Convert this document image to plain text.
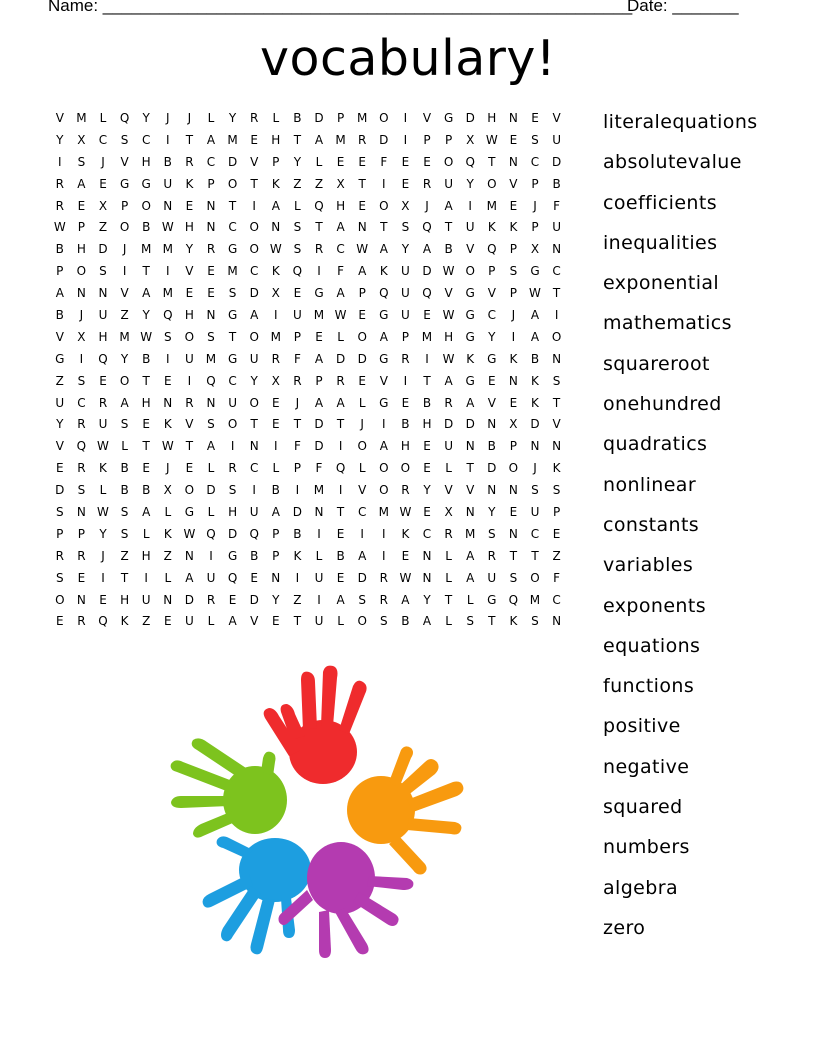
Name: ________________________________________________________
Date: _______
vocabulary!
V	M	L	Q	Y	J	J	L	Y	R	L	B	D	P	M O	I	V	G	D	H	N	E	V
Y	X	C	S	C	I	T	A	M	E	H	T	A	M	R	D	I	P	P	X W E	S	U
I	S	J	V	H	B	R	C	D	V	P	Y	L	E	E	F	E	E	O	Q	T	N	C	D
R	A	E	G	G	U	K	P	O	T	K	Z	Z	X	T	I	E	R	U	Y	O	V	P	B
R	E	X	P	O	N	E	N	T	I	A	L	Q	H	E	O	X	J	A	I	M	E	J	F
W	P	Z	O	B W H	N	C	O	N	S	T	A	N	T	S	Q	T	U	K	K	P	U
B	H	D	J	M M	Y	R	G	O W S	R	C W A	Y	A	B	V	Q	P	X	N
P	O	S	I	T	I	V	E	M	C	K	Q	I	F	A	K	U	D W O	P	S	G	C
A	N	N	V	A	M	E	E	S	D	X	E	G	A	P	Q	U	Q	V	G	V	P	W	T
B	J	U	Z	Y	Q	H	N	G	A	I	U	M W E	G	U	E W G	C	J	A	I
V	X	H M W S	O	S	T	O M	P	E	L	O	A	P	M H	G	Y	I	A	O
G	I	Q	Y	B	I	U	M G	U	R	F	A	D	D	G	R	I	W K	G	K	B	N
Z	S	E	O	T	E	I	Q	C	Y	X	R	P	R	E	V	I	T	A	G	E	N	K	S
U	C	R	A	H	N	R	N	U	O	E	J	A	A	L	G	E	B	R	A	V	E	K	T
Y	R	U	S	E	K	V	S	O	T	E	T	D	T	J	I	B	H	D	D	N	X	D	V
V	Q W	L	T	W T	A	I	N	I	F	D	I	O	A	H	E	U	N	B	P	N	N
E	R	K	B	E	J	E	L	R	C	L	P	F	Q	L	O	O	E	L	T	D	O	J	K
D	S	L	B	B	X	O	D	S	I	B	I	M	I	V	O	R	Y	V	V	N	N	S	S
S	N W S	A	L	G	L	H	U	A	D	N	T	C	M W E	X	N	Y	E	U	P
P	P	Y	S	L	K W Q	D	Q	P	B	I	E	I	I	K	C	R	M	S	N	C	E
R	R	J	Z	H	Z	N	I	G	B	P	K	L	B	A	I	E	N	L	A	R	T	T	Z
S	E	I	T	I	L	A	U	Q	E	N	I	U	E	D	R W N	L	A	U	S	O	F
O	N	E	H	U	N	D	R	E	D	Y	Z	I	A	S	R	A	Y	T	L	G	Q M	C
E	R	Q	K	Z	E	U	L	A	V	E	T	U	L	O	S	B	A	L	S	T	K	S	N
literalequations
absolutevalue
coefficients
inequalities
exponential
mathematics
squareroot
onehundred
quadratics
nonlinear
constants
variables
exponents
equations
functions
positive
negative
squared
numbers
algebra
zero
